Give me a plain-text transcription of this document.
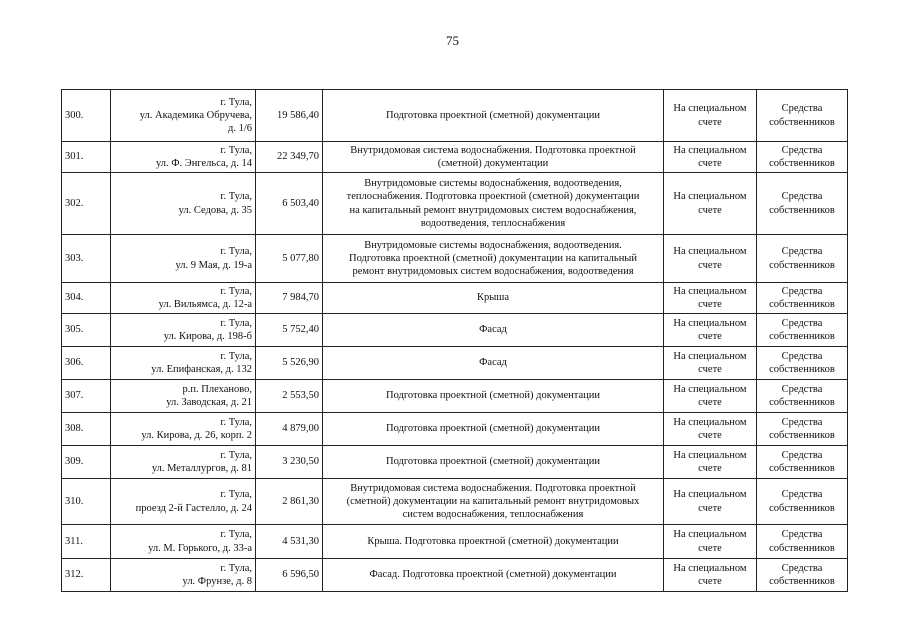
75
300.	г. Тула,
ул. Академика Обручева,
д. 1/6	19 586,40	Подготовка проектной (сметной) документации	На специальном
счете	Средства
собственников

301.	г. Тула,
ул. Ф. Энгельса, д. 14	22 349,70	Внутридомовая система водоснабжения. Подготовка проектной
(сметной) документации	На специальном
счете	Средства
собственников

302.	г. Тула,
ул. Седова, д. 35	6 503,40	Внутридомовые системы водоснабжения, водоотведения,
теплоснабжения. Подготовка проектной (сметной) документации
на капитальный ремонт внутридомовых систем водоснабжения,
водоотведения, теплоснабжения	На специальном
счете	Средства
собственников

303.	г. Тула,
ул. 9 Мая, д. 19-а	5 077,80	Внутридомовые системы водоснабжения, водоотведения.
Подготовка проектной (сметной) документации на капитальный
ремонт внутридомовых систем водоснабжения, водоотведения	На специальном
счете	Средства
собственников

304.	г. Тула,
ул. Вильямса, д. 12-а	7 984,70	Крыша	На специальном
счете	Средства
собственников

305.	г. Тула,
ул. Кирова, д. 198-б	5 752,40	Фасад	На специальном
счете	Средства
собственников

306.	г. Тула,
ул. Епифанская, д. 132	5 526,90	Фасад	На специальном
счете	Средства
собственников

307.	р.п. Плеханово,
ул. Заводская, д. 21	2 553,50	Подготовка проектной (сметной) документации	На специальном
счете	Средства
собственников

308.	г. Тула,
ул. Кирова, д. 26, корп. 2	4 879,00	Подготовка проектной (сметной) документации	На специальном
счете	Средства
собственников

309.	г. Тула,
ул. Металлургов, д. 81	3 230,50	Подготовка проектной (сметной) документации	На специальном
счете	Средства
собственников

310.	г. Тула,
проезд 2-й Гастелло, д. 24	2 861,30	Внутридомовая система водоснабжения. Подготовка проектной
(сметной) документации на капитальный ремонт внутридомовых
систем водоснабжения, теплоснабжения	На специальном
счете	Средства
собственников

311.	г. Тула,
ул. М. Горького, д. 33-а	4 531,30	Крыша. Подготовка проектной (сметной) документации	На специальном
счете	Средства
собственников

312.	г. Тула,
ул. Фрунзе, д. 8	6 596,50	Фасад. Подготовка проектной (сметной) документации	На специальном
счете	Средства
собственников
